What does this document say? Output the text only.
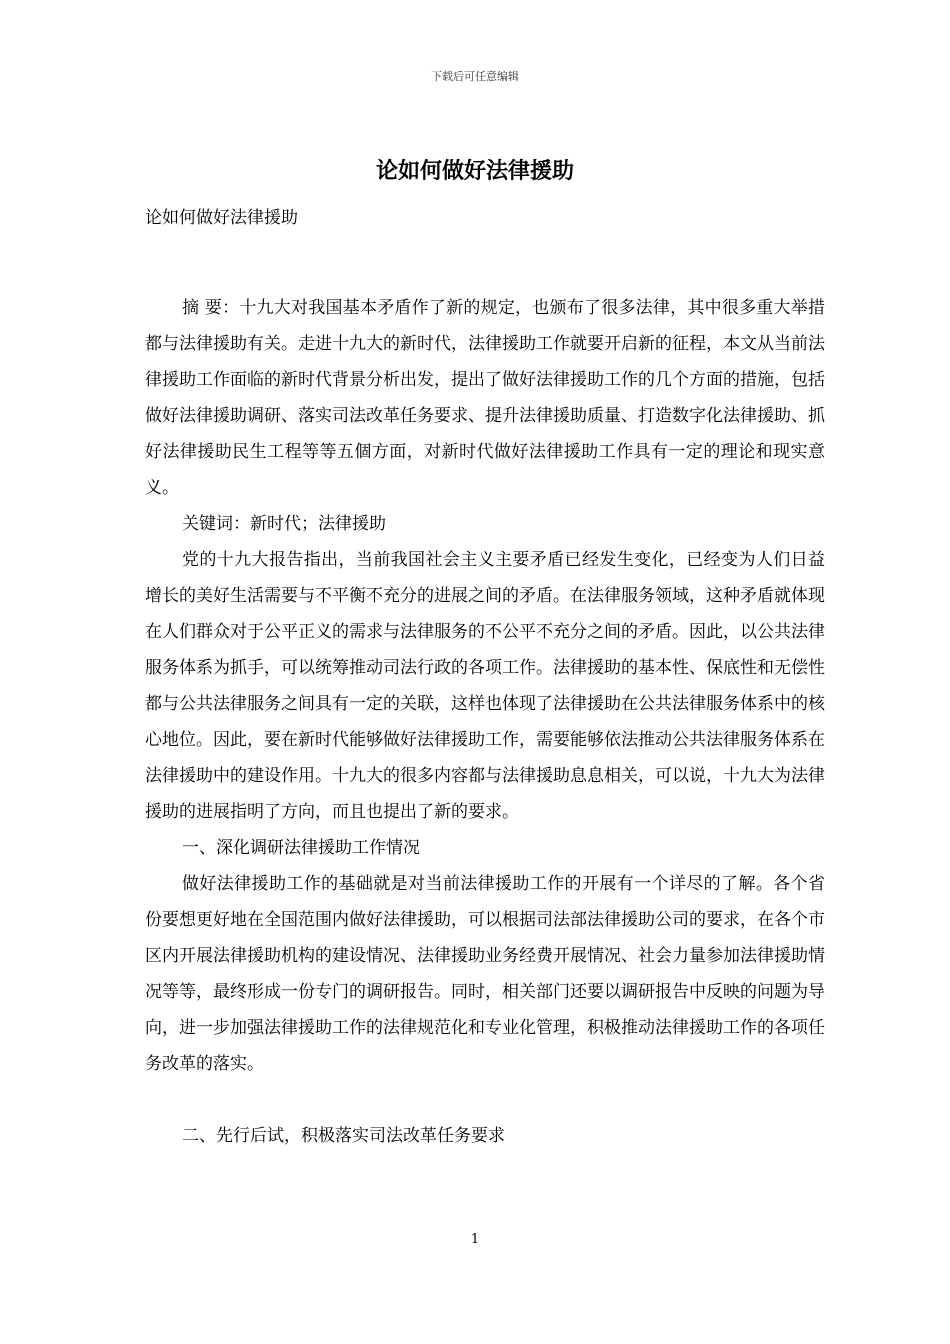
下载后可任意编辑
论如何做好法律援助

论如何做好法律援助

摘 要：十九大对我国基本矛盾作了新的规定，也颁布了很多法律，其中很多重大举措都与法律援助有关。走进十九大的新时代，法律援助工作就要开启新的征程，本文从当前法律援助工作面临的新时代背景分析出发，提出了做好法律援助工作的几个方面的措施，包括做好法律援助调研、落实司法改革任务要求、提升法律援助质量、打造数字化法律援助、抓好法律援助民生工程等等五個方面，对新时代做好法律援助工作具有一定的理论和现实意义。

关键词：新时代；法律援助

党的十九大报告指出，当前我国社会主义主要矛盾已经发生变化，已经变为人们日益增长的美好生活需要与不平衡不充分的进展之间的矛盾。在法律服务领域，这种矛盾就体现在人们群众对于公平正义的需求与法律服务的不公平不充分之间的矛盾。因此，以公共法律服务体系为抓手，可以统筹推动司法行政的各项工作。法律援助的基本性、保底性和无偿性都与公共法律服务之间具有一定的关联，这样也体现了法律援助在公共法律服务体系中的核心地位。因此，要在新时代能够做好法律援助工作，需要能够依法推动公共法律服务体系在法律援助中的建设作用。十九大的很多内容都与法律援助息息相关，可以说，十九大为法律援助的进展指明了方向，而且也提出了新的要求。

一、深化调研法律援助工作情况

做好法律援助工作的基础就是对当前法律援助工作的开展有一个详尽的了解。各个省份要想更好地在全国范围内做好法律援助，可以根据司法部法律援助公司的要求，在各个市区内开展法律援助机构的建设情况、法律援助业务经费开展情况、社会力量参加法律援助情况等等，最终形成一份专门的调研报告。同时，相关部门还要以调研报告中反映的问题为导向，进一步加强法律援助工作的法律规范化和专业化管理，积极推动法律援助工作的各项任务改革的落实。

二、先行后试，积极落实司法改革任务要求

1
